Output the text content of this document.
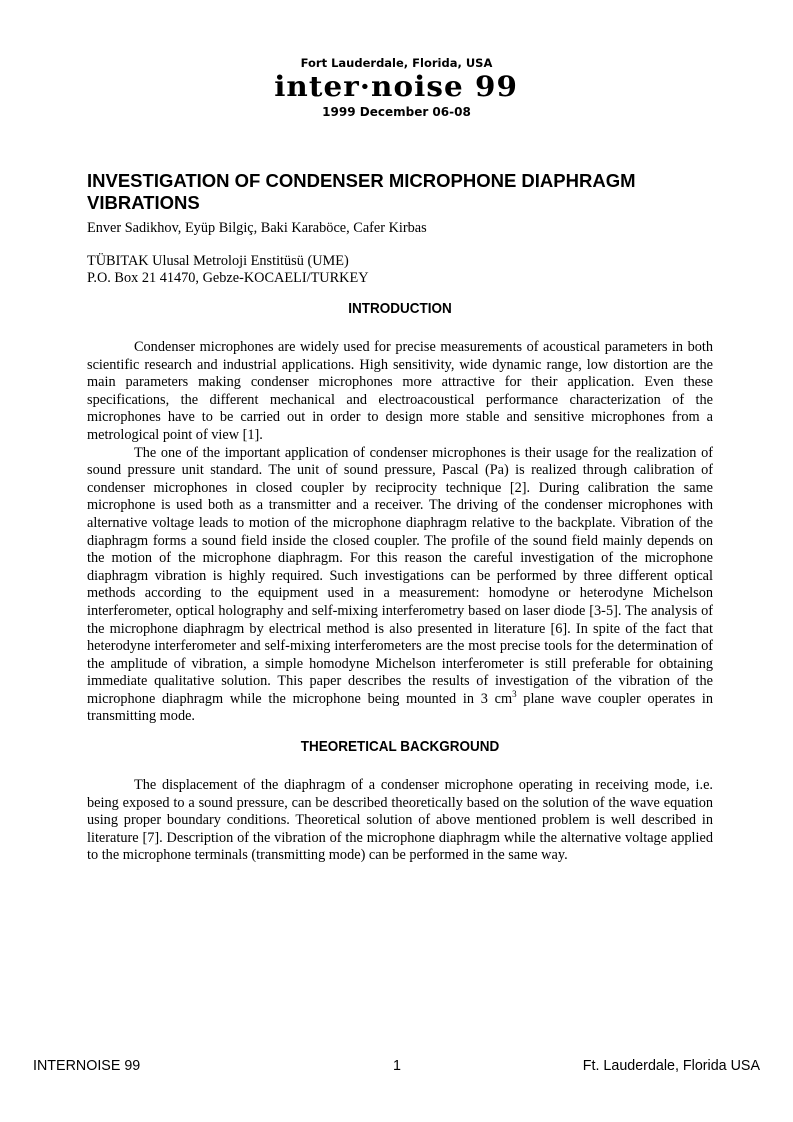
Fort Lauderdale, Florida, USA
inter·noise 99
1999 December 06-08
INVESTIGATION OF CONDENSER MICROPHONE DIAPHRAGM VIBRATIONS
Enver Sadikhov, Eyüp Bilgiç, Baki Karaböce, Cafer Kirbas
TÜBITAK Ulusal Metroloji Enstitüsü (UME)
P.O. Box 21 41470, Gebze-KOCAELI/TURKEY
INTRODUCTION

Condenser microphones are widely used for precise measurements of acoustical parameters in both scientific research and industrial applications. High sensitivity, wide dynamic range, low distortion are the main parameters making condenser microphones more attractive for their application. Even these specifications, the different mechanical and electroacoustical performance characterization of the microphones have to be carried out in order to design more stable and sensitive microphones from a metrological point of view [1].

The one of the important application of condenser microphones is their usage for the realization of sound pressure unit standard. The unit of sound pressure, Pascal (Pa) is realized through calibration of condenser microphones in closed coupler by reciprocity technique [2]. During calibration the same microphone is used both as a transmitter and a receiver. The driving of the condenser microphones with alternative voltage leads to motion of the microphone diaphragm relative to the backplate. Vibration of the diaphragm forms a sound field inside the closed coupler. The profile of the sound field mainly depends on the motion of the microphone diaphragm. For this reason the careful investigation of the microphone diaphragm vibration is highly required. Such investigations can be performed by three different optical methods according to the equipment used in a measurement: homodyne or heterodyne Michelson interferometer, optical holography and self-mixing interferometry based on laser diode [3-5]. The analysis of the microphone diaphragm by electrical method is also presented in literature [6]. In spite of the fact that heterodyne interferometer and self-mixing interferometers are the most precise tools for the determination of the amplitude of vibration, a simple homodyne Michelson interferometer is still preferable for obtaining immediate qualitative solution. This paper describes the results of investigation of the vibration of the microphone diaphragm while the microphone being mounted in 3 $cm^3$ plane wave coupler operates in transmitting mode.

THEORETICAL BACKGROUND

The displacement of the diaphragm of a condenser microphone operating in receiving mode, i.e. being exposed to a sound pressure, can be described theoretically based on the solution of the wave equation using proper boundary conditions. Theoretical solution of above mentioned problem is well described in literature [7]. Description of the vibration of the microphone diaphragm while the alternative voltage applied to the microphone terminals (transmitting mode) can be performed in the same way.

INTERNOISE 99	1	Ft. Lauderdale, Florida USA
